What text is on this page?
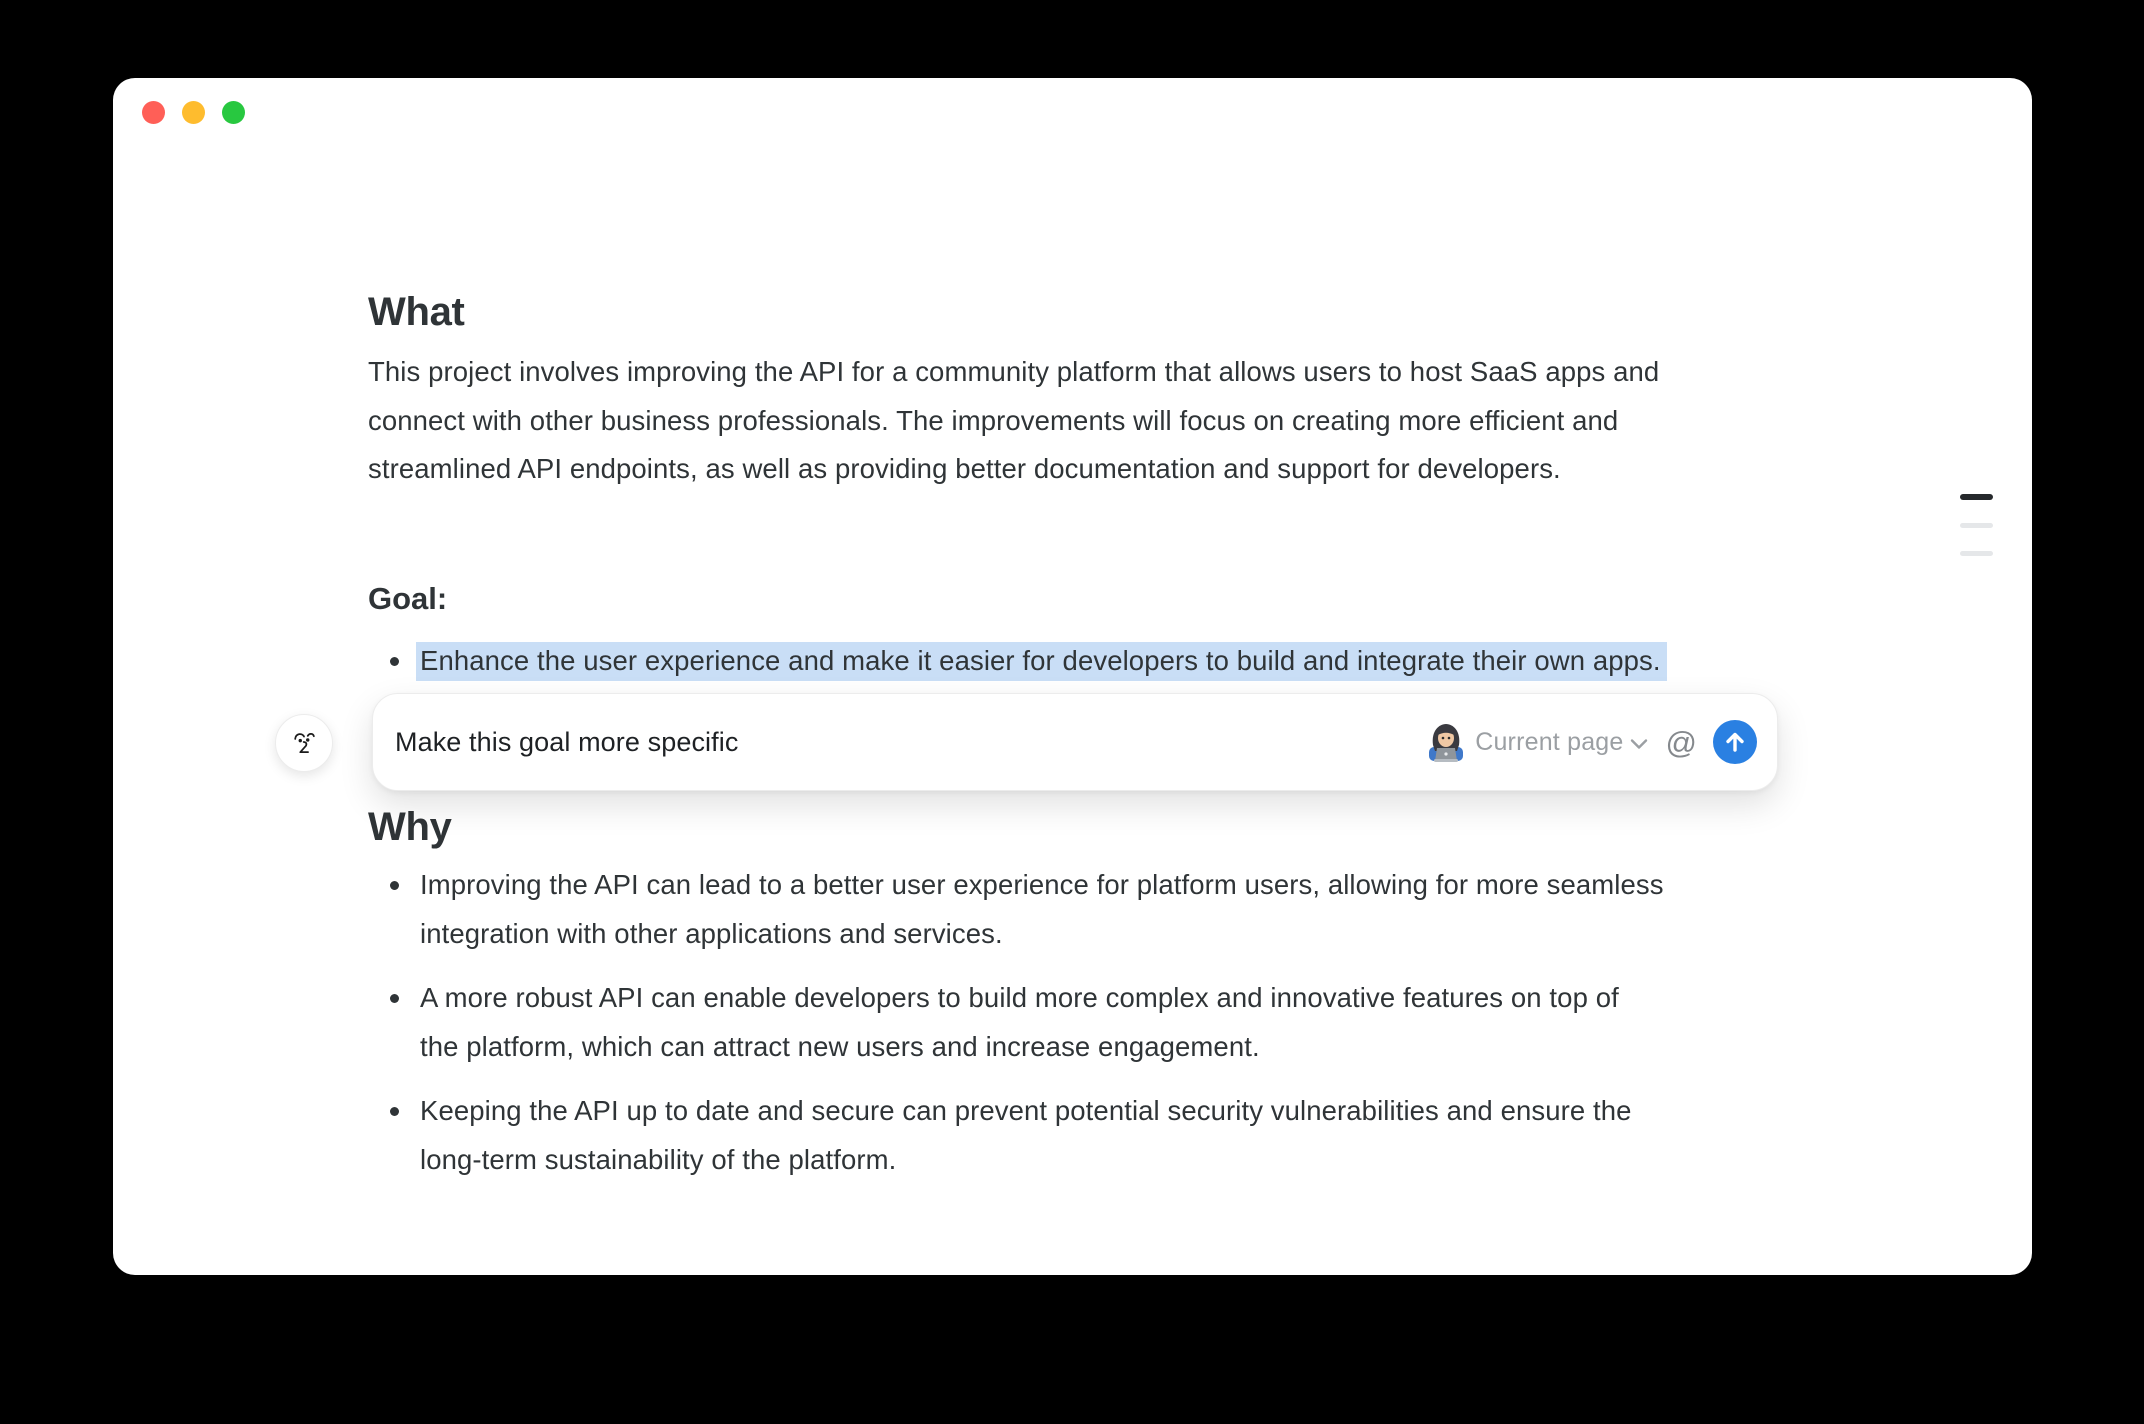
What

This project involves improving the API for a community platform that allows users to host SaaS apps and connect with other business professionals. The improvements will focus on creating more efficient and streamlined API endpoints, as well as providing better documentation and support for developers.

Goal:
Enhance the user experience and make it easier for developers to build and integrate their own apps.
Make this goal more specific
Current page @
Why
Improving the API can lead to a better user experience for platform users, allowing for more seamless integration with other applications and services.
A more robust API can enable developers to build more complex and innovative features on top of the platform, which can attract new users and increase engagement.
Keeping the API up to date and secure can prevent potential security vulnerabilities and ensure the long-term sustainability of the platform.
